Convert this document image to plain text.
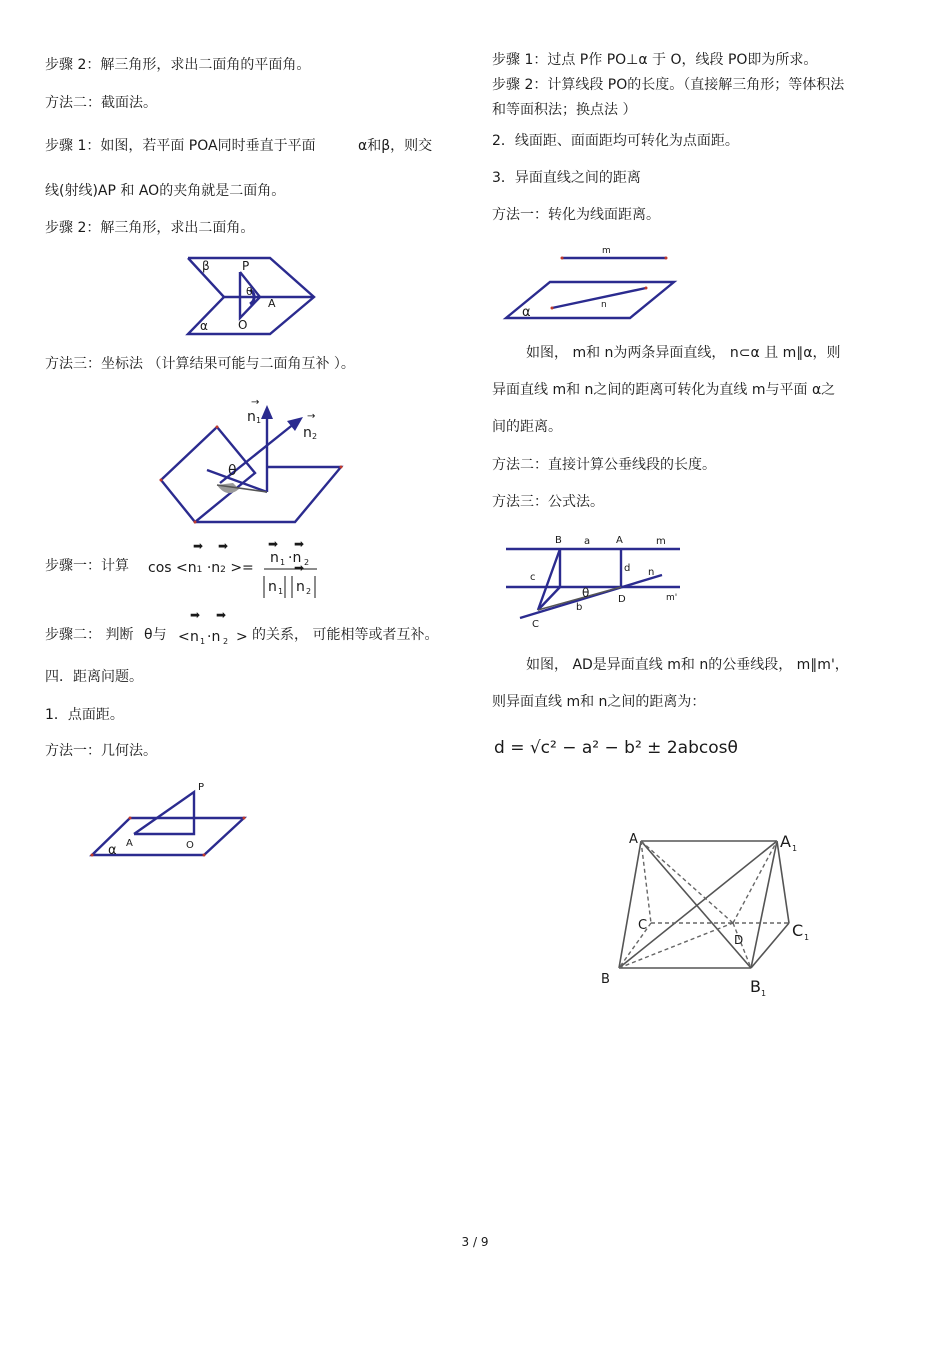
步骤 2：解三角形，求出二面角的平面角。
方法二：截面法。
步骤 1：如图，若平面 POA同时垂直于平面	α和β，则交
线(射线)AP 和 AO的夹角就是二面角。
步骤 2：解三角形，求出二面角。
β
α
P
θ
A
O
方法三：坐标法 （计算结果可能与二面角互补 ）。
θ
n 1
→
n 2
→
步骤一：计算 cos <n1 ·n2 >=
➡ ➡	➡ ➡
n 1 ·n 2
➡
n 1 n 2
步骤二： 判断 θ与
➡ ➡
< n 1 ·n 2 > 的关系， 可能相等或者互补。
四．距离问题。
1．点面距。
方法一：几何法。
P
A	O
α
步骤 1：过点 P作 PO⊥α 于 O，线段 PO即为所求。
步骤 2：计算线段 PO的长度。（直接解三角形；等体积法
和等面积法；换点法 ）
2．线面距、面面距均可转化为点面距。
3．异面直线之间的距离
方法一：转化为线面距离。
m
n
α
如图， m和 n为两条异面直线， n⊂α 且 m∥α，则
异面直线 m和 n之间的距离可转化为直线 m与平面 α之
间的距离。
方法二：直接计算公垂线段的长度。
方法三：公式法。
B a	A	m
c
d n
θ
b
D	m'
C
如图， AD是异面直线 m和 n的公垂线段， m∥m'，
则异面直线 m和 n之间的距离为：
d = √c² − a² − b² ± 2abcosθ
A	A 1
C
D	C 1
B	B 1
3 / 9
